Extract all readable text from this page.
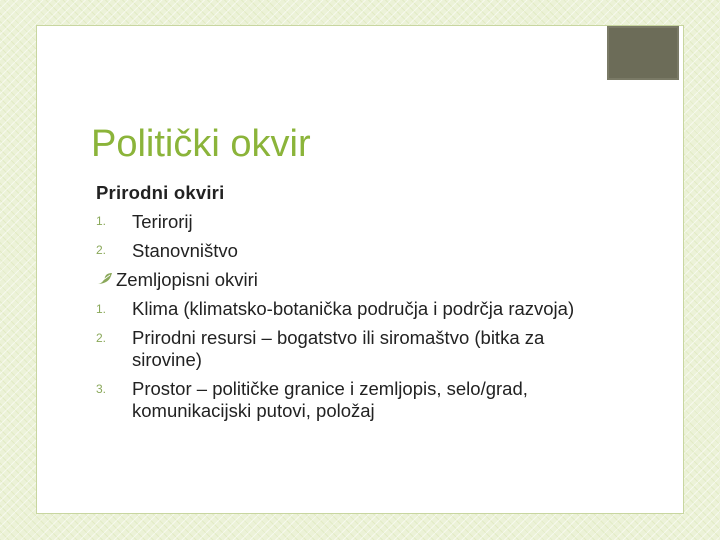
Politički okvir
Prirodni okviri
1.	Terirorij
2.	Stanovništvo
Zemljopisni okviri
1.	Klima (klimatsko-botanička područja i podrčja razvoja)
2.	Prirodni resursi – bogatstvo ili siromaštvo (bitka za sirovine)
3.	Prostor – političke granice i zemljopis, selo/grad, komunikacijski putovi, položaj
